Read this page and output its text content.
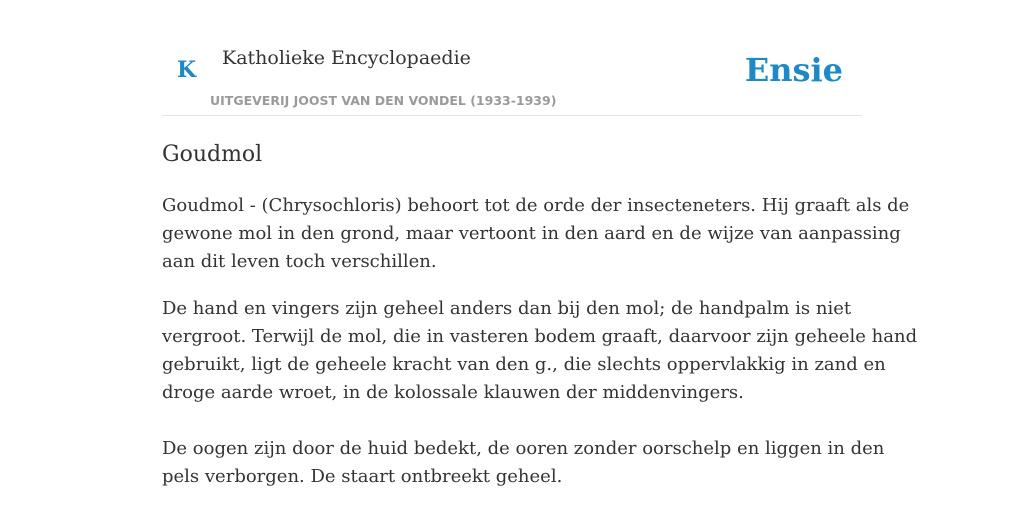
K Katholieke Encyclopaedie
UITGEVERIJ JOOST VAN DEN VONDEL (1933-1939)
Ensie
Goudmol

Goudmol - (Chrysochloris) behoort tot de orde der insecteneters. Hij graaft als de
gewone mol in den grond, maar vertoont in den aard en de wijze van aanpassing
aan dit leven toch verschillen.

De hand en vingers zijn geheel anders dan bij den mol; de handpalm is niet
vergroot. Terwijl de mol, die in vasteren bodem graaft, daarvoor zijn geheele hand
gebruikt, ligt de geheele kracht van den g., die slechts oppervlakkig in zand en
droge aarde wroet, in de kolossale klauwen der middenvingers.

De oogen zijn door de huid bedekt, de ooren zonder oorschelp en liggen in den
pels verborgen. De staart ontbreekt geheel.
